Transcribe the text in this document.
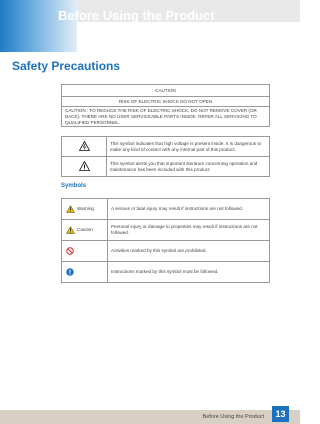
Before Using the Product
Safety Precautions
CAUTION
RISK OF ELECTRIC SHOCK DO NOT OPEN
CAUTION : TO REDUCE THE RISK OF ELECTRIC SHOCK, DO NOT REMOVE COVER (OR BACK). THERE ARE NO USER SERVICEABLE PARTS INSIDE. REFER ALL SERVICING TO QUALIFIED PERSONNEL.
	This symbol indicates that high voltage is present inside. It is dangerous to make any kind of contact with any internal part of this product.
	This symbol alerts you that important literature concerning operation and maintenance has been included with this product.
Symbols
Warning	A serious or fatal injury may result if instructions are not followed.
Caution	Personal injury or damage to properties may result if instructions are not followed.
	Activities marked by this symbol are prohibited.
	Instructions marked by this symbol must be followed.
Before Using the Product	13
